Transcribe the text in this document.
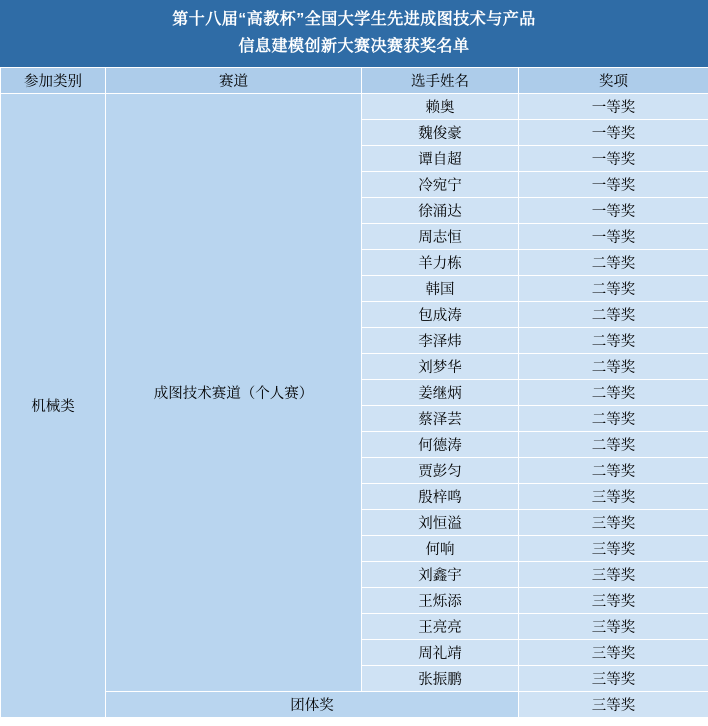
第十八届“高教杯”全国大学生先进成图技术与产品
信息建模创新大赛决赛获奖名单
参加类别	赛道	选手姓名	奖项
机械类	成图技术赛道（个人赛）	赖奥	一等奖
		魏俊豪	一等奖
		谭自超	一等奖
		冷宛宁	一等奖
		徐涌达	一等奖
		周志恒	一等奖
		羊力栋	二等奖
		韩国	二等奖
		包成涛	二等奖
		李泽炜	二等奖
		刘梦华	二等奖
		姜继炳	二等奖
		蔡泽芸	二等奖
		何德涛	二等奖
		贾彭匀	二等奖
		殷梓鸣	三等奖
		刘恒溢	三等奖
		何响	三等奖
		刘鑫宇	三等奖
		王烁添	三等奖
		王亮亮	三等奖
		周礼靖	三等奖
		张振鹏	三等奖
	团体奖		三等奖
